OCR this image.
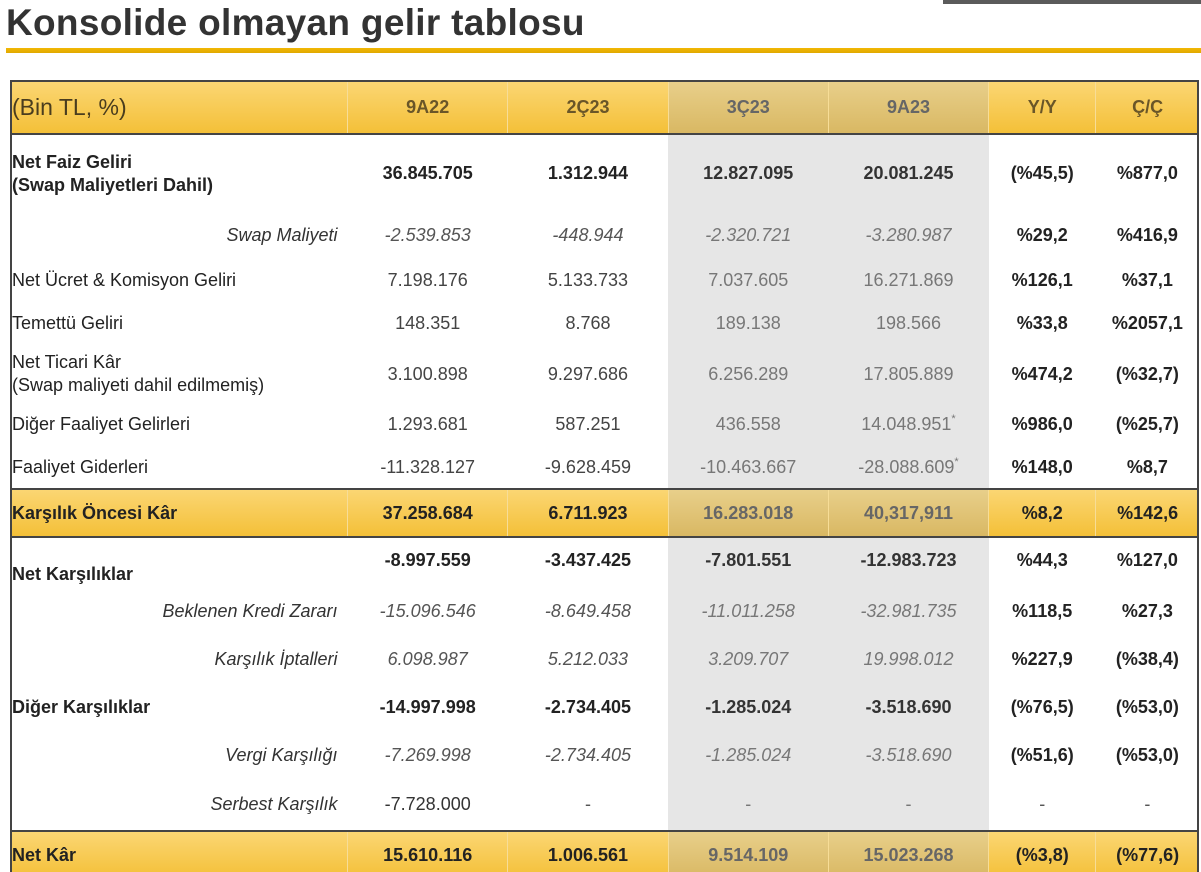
Konsolide olmayan gelir tablosu
(Bin TL, %)	9A22	2Ç23	3Ç23	9A23	Y/Y	Ç/Ç
Net Faiz Geliri
(Swap Maliyetleri Dahil)	36.845.705	1.312.944	12.827.095	20.081.245	(%45,5)	%877,0
Swap Maliyeti	-2.539.853	-448.944	-2.320.721	-3.280.987	%29,2	%416,9
Net Ücret & Komisyon Geliri	7.198.176	5.133.733	7.037.605	16.271.869	%126,1	%37,1
Temettü Geliri	148.351	8.768	189.138	198.566	%33,8	%2057,1
Net Ticari Kâr
(Swap maliyeti dahil edilmemiş)	3.100.898	9.297.686	6.256.289	17.805.889	%474,2	(%32,7)
Diğer Faaliyet Gelirleri	1.293.681	587.251	436.558	14.048.951*	%986,0	(%25,7)
Faaliyet Giderleri	-11.328.127	-9.628.459	-10.463.667	-28.088.609*	%148,0	%8,7
Karşılık Öncesi Kâr	37.258.684	6.711.923	16.283.018	40,317,911	%8,2	%142,6
Net Karşılıklar	-8.997.559	-3.437.425	-7.801.551	-12.983.723	%44,3	%127,0
Beklenen Kredi Zararı	-15.096.546	-8.649.458	-11.011.258	-32.981.735	%118,5	%27,3
Karşılık İptalleri	6.098.987	5.212.033	3.209.707	19.998.012	%227,9	(%38,4)
Diğer Karşılıklar	-14.997.998	-2.734.405	-1.285.024	-3.518.690	(%76,5)	(%53,0)
Vergi Karşılığı	-7.269.998	-2.734.405	-1.285.024	-3.518.690	(%51,6)	(%53,0)
Serbest Karşılık	-7.728.000	-	-	-	-	-
Net Kâr	15.610.116	1.006.561	9.514.109	15.023.268	(%3,8)	(%77,6)
